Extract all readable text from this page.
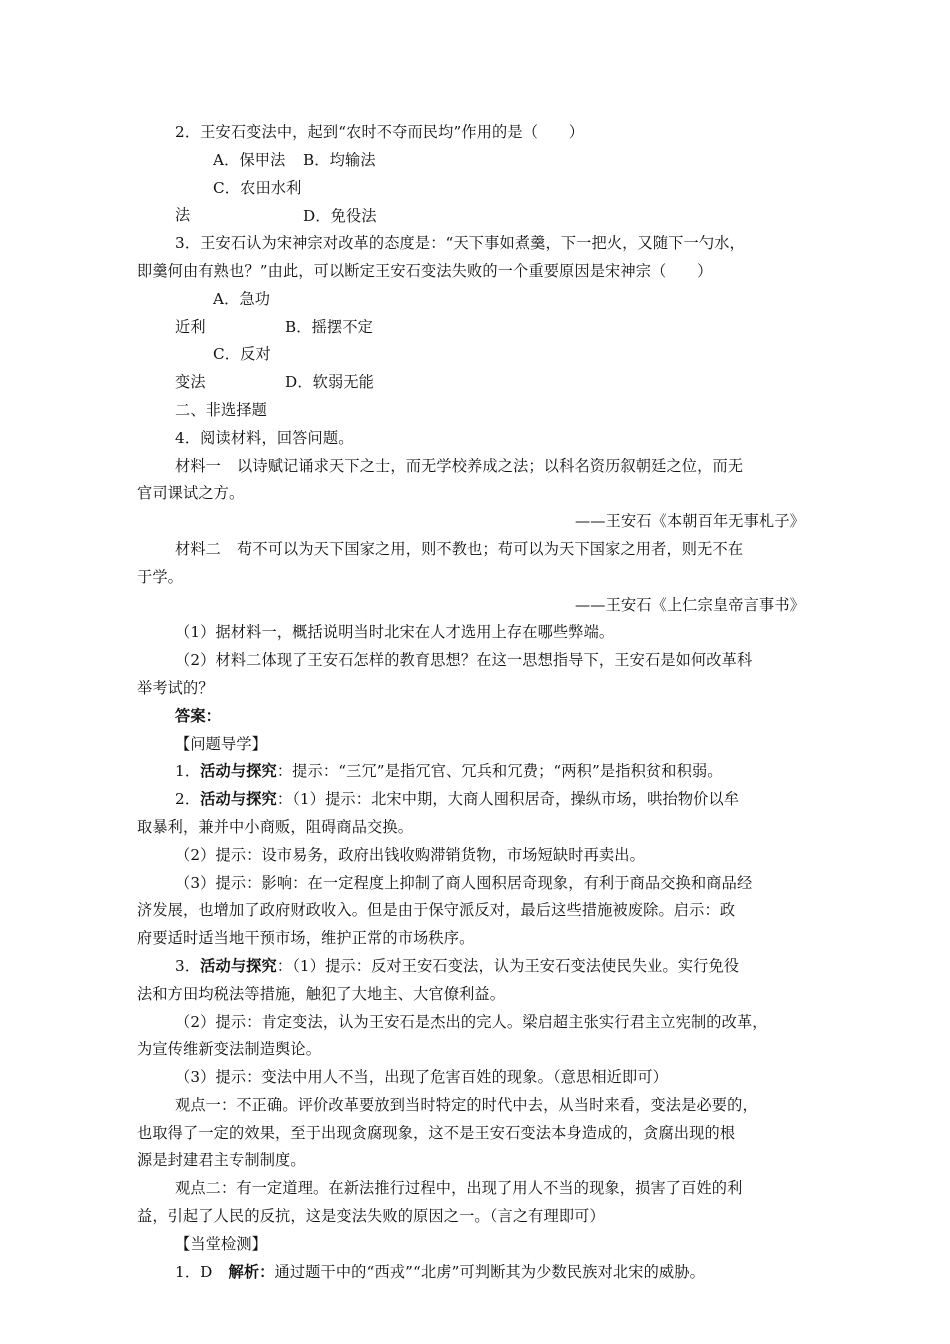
2．王安石变法中，起到“农时不夺而民均”作用的是（　　）

A．保甲法 B．均输法

C．农田水利法	D．免役法

3．王安石认为宋神宗对改革的态度是：“天下事如煮羹，下一把火，又随下一勺水，

即羹何由有熟也？”由此，可以断定王安石变法失败的一个重要原因是宋神宗（　　）

A．急功近利	B．摇摆不定

C．反对变法	D．软弱无能

二、非选择题

4．阅读材料，回答问题。

材料一 以诗赋记诵求天下之士，而无学校养成之法；以科名资历叙朝廷之位，而无

官司课试之方。

——王安石《本朝百年无事札子》

材料二 苟不可以为天下国家之用，则不教也；苟可以为天下国家之用者，则无不在

于学。

——王安石《上仁宗皇帝言事书》

（1）据材料一，概括说明当时北宋在人才选用上存在哪些弊端。

（2）材料二体现了王安石怎样的教育思想？在这一思想指导下，王安石是如何改革科

举考试的？

答案：

【问题导学】

1．活动与探究：提示：“三冗”是指冗官、冗兵和冗费；“两积”是指积贫和积弱。

2．活动与探究：（1）提示：北宋中期，大商人囤积居奇，操纵市场，哄抬物价以牟

取暴利，兼并中小商贩，阻碍商品交换。

（2）提示：设市易务，政府出钱收购滞销货物，市场短缺时再卖出。

（3）提示：影响：在一定程度上抑制了商人囤积居奇现象，有利于商品交换和商品经

济发展，也增加了政府财政收入。但是由于保守派反对，最后这些措施被废除。启示：政

府要适时适当地干预市场，维护正常的市场秩序。

3．活动与探究：（1）提示：反对王安石变法，认为王安石变法使民失业。实行免役

法和方田均税法等措施，触犯了大地主、大官僚利益。

（2）提示：肯定变法，认为王安石是杰出的完人。梁启超主张实行君主立宪制的改革，

为宣传维新变法制造舆论。

（3）提示：变法中用人不当，出现了危害百姓的现象。（意思相近即可）

观点一：不正确。评价改革要放到当时特定的时代中去，从当时来看，变法是必要的，

也取得了一定的效果，至于出现贪腐现象，这不是王安石变法本身造成的，贪腐出现的根

源是封建君主专制制度。

观点二：有一定道理。在新法推行过程中，出现了用人不当的现象，损害了百姓的利

益，引起了人民的反抗，这是变法失败的原因之一。（言之有理即可）

【当堂检测】

1．D 解析：通过题干中的“西戎”“北虏”可判断其为少数民族对北宋的威胁。
